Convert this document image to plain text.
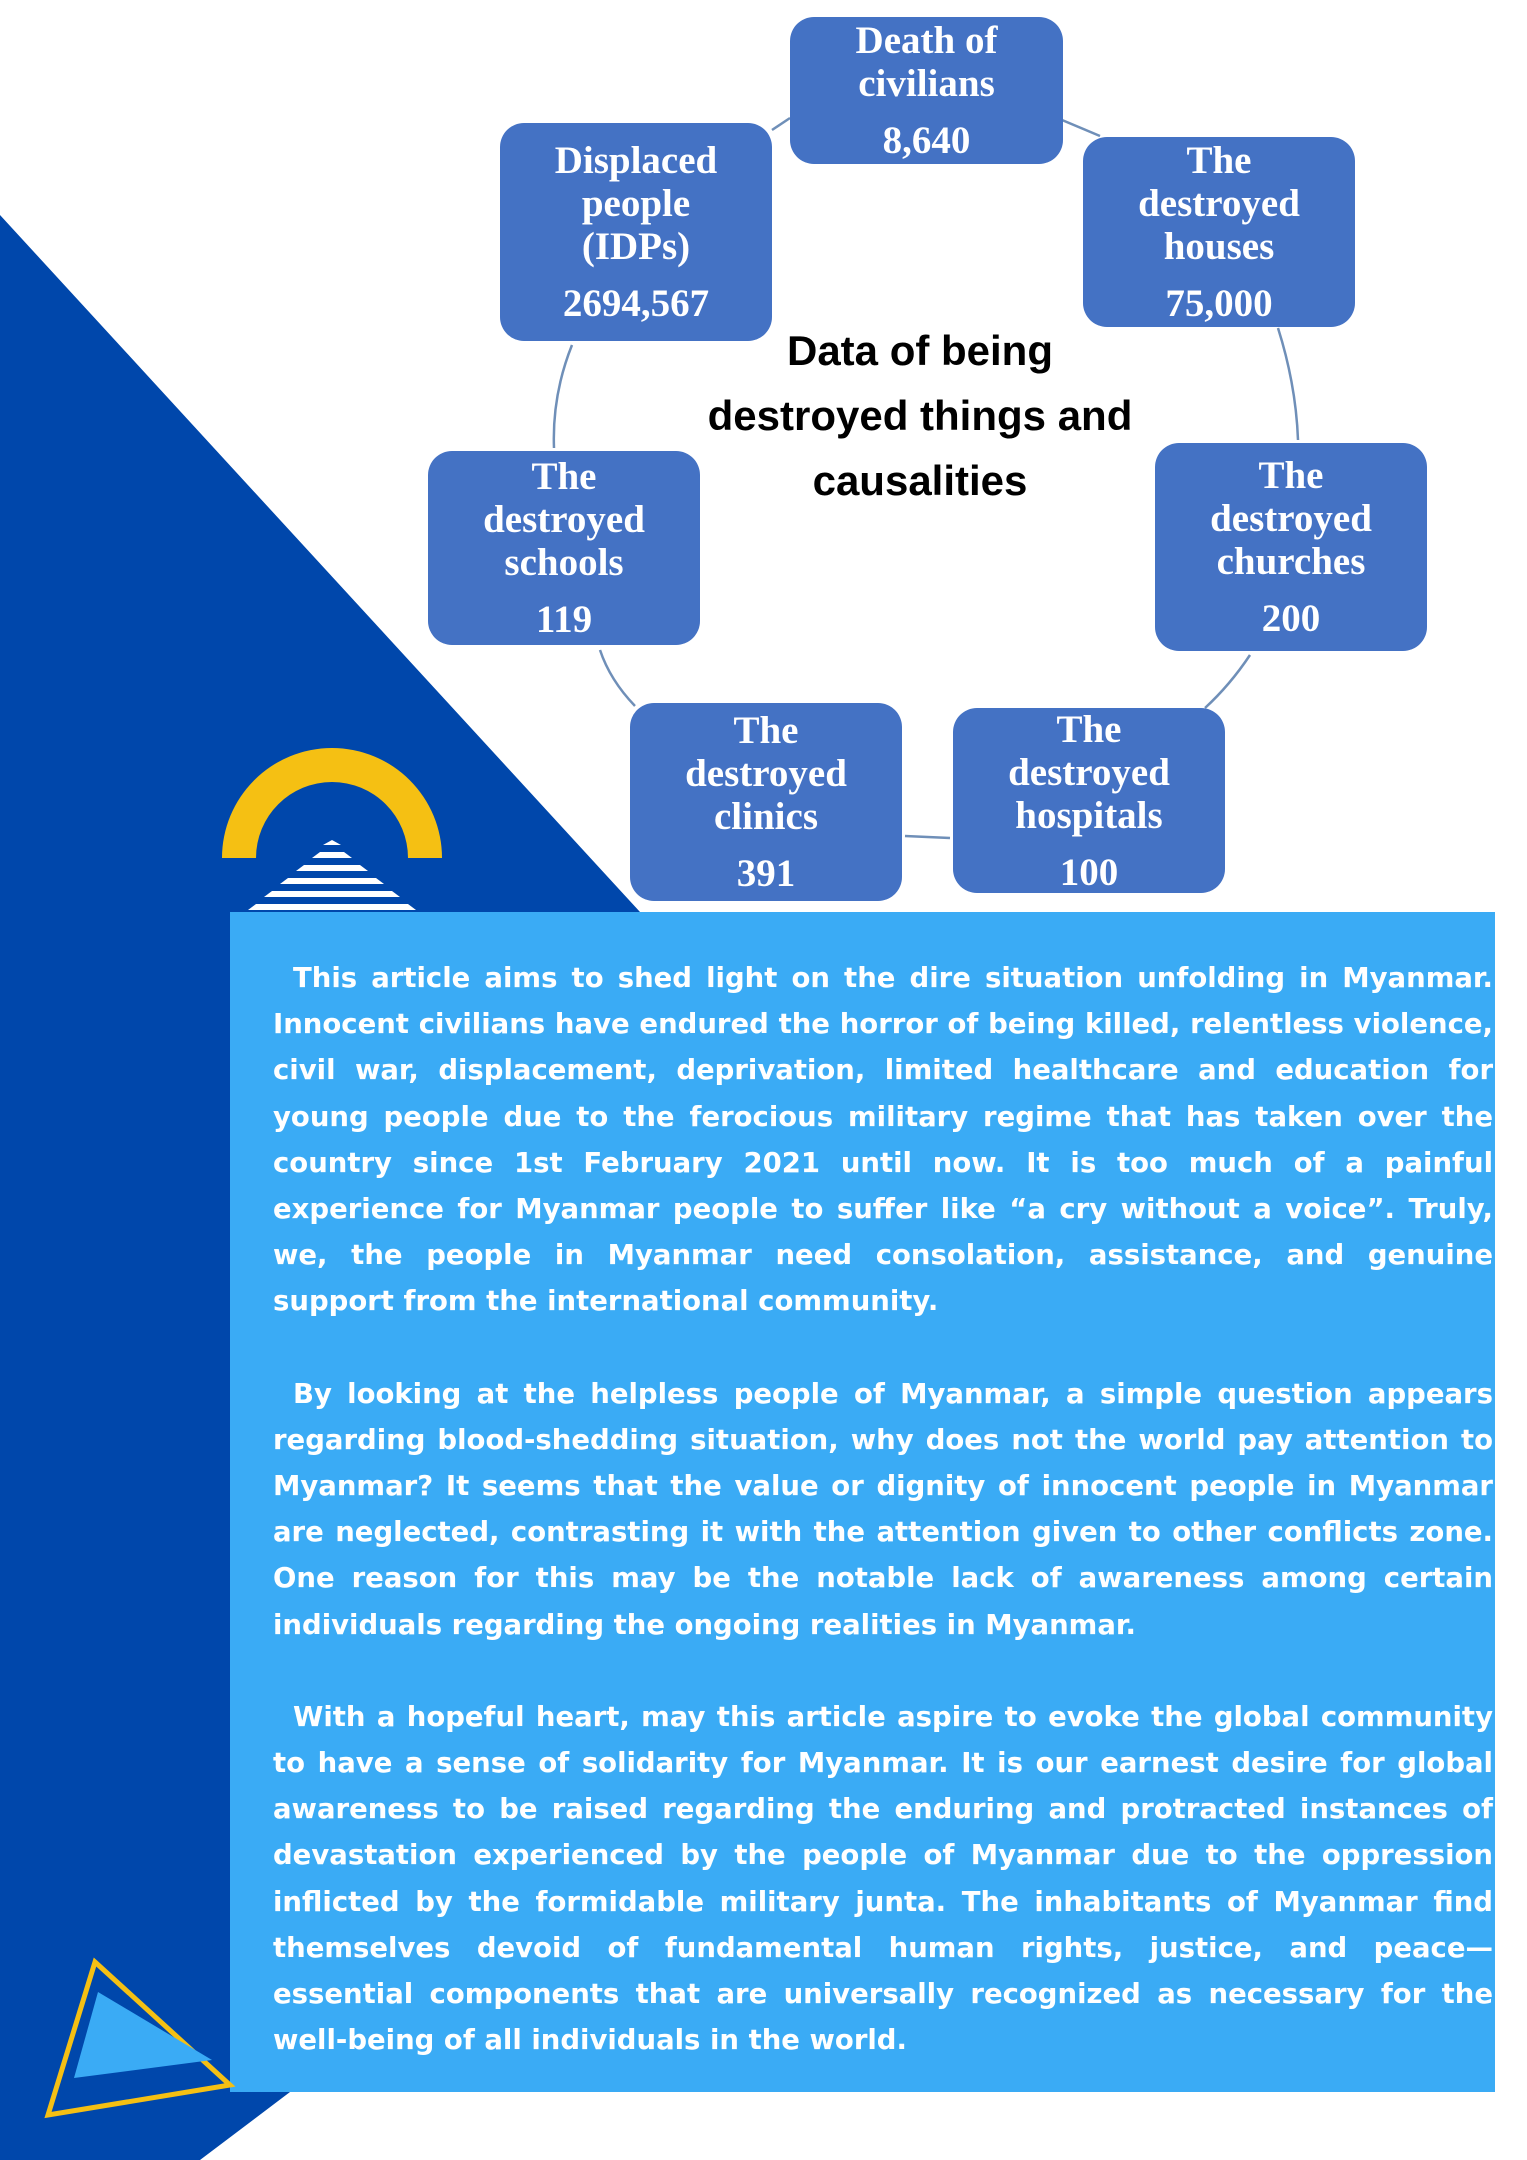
Death of
civilians
8,640	The
destroyed
houses
75,000
The
destroyed
churches
200
The
destroyed
hospitals
100
The
destroyed
clinics
391
The
destroyed
schools
119
Displaced
people
(IDPs)
2694,567
Data of being
destroyed things and
causalities

This article aims to shed light on the dire situation unfolding in Myanmar. Innocent civilians have endured the horror of being killed, relentless violence, civil war, displacement, deprivation, limited healthcare and education for young people due to the ferocious military regime that has taken over the country since 1st February 2021 until now. It is too much of a painful experience for Myanmar people to suffer like “a cry without a voice”. Truly, we, the people in Myanmar need consolation, assistance, and genuine support from the international community.

By looking at the helpless people of Myanmar, a simple question appears regarding blood-shedding situation, why does not the world pay attention to Myanmar? It seems that the value or dignity of innocent people in Myanmar are neglected, contrasting it with the attention given to other conflicts zone. One reason for this may be the notable lack of awareness among certain individuals regarding the ongoing realities in Myanmar.

With a hopeful heart, may this article aspire to evoke the global community to have a sense of solidarity for Myanmar. It is our earnest desire for global awareness to be raised regarding the enduring and protracted instances of devastation experienced by the people of Myanmar due to the oppression inflicted by the formidable military junta. The inhabitants of Myanmar find themselves devoid of fundamental human rights, justice, and peace—essential components that are universally recognized as necessary for the well-being of all individuals in the world.
